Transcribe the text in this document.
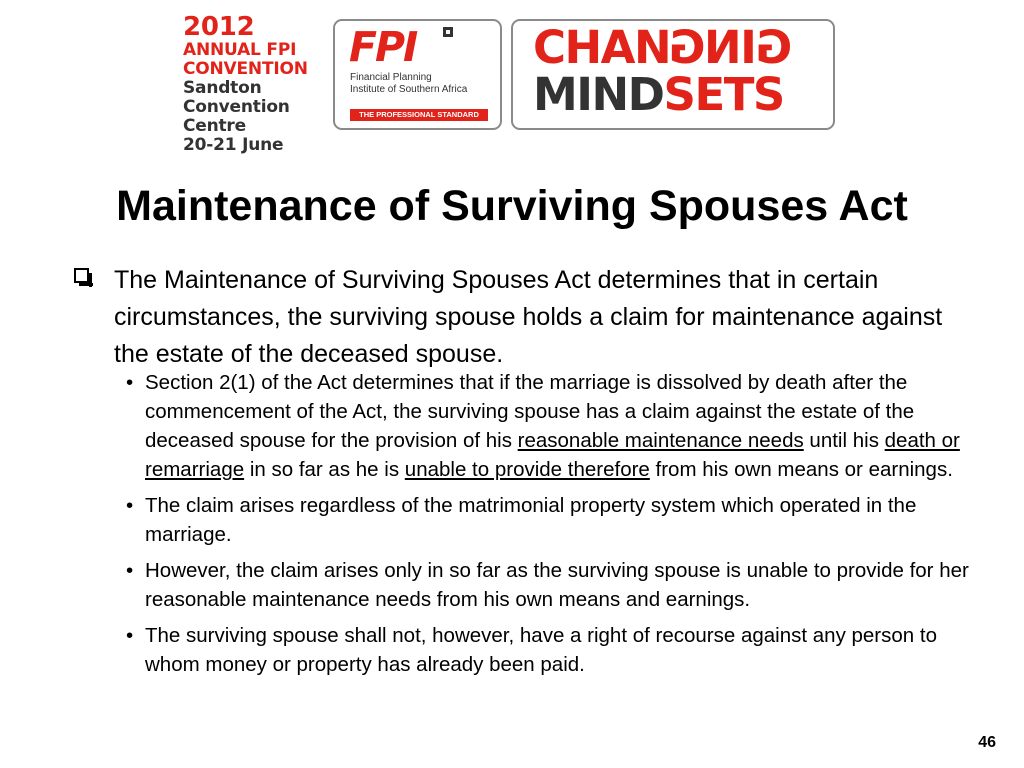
2012
ANNUAL FPI
CONVENTION
Sandton
Convention Centre
20-21 June
FPI
Financial Planning
Institute of Southern Africa
THE PROFESSIONAL STANDARD
CHANGING
MINDSETS
Maintenance of Surviving Spouses Act
The Maintenance of Surviving Spouses Act determines that in certain circumstances, the surviving spouse holds a claim for maintenance against the estate of the deceased spouse.
• Section 2(1) of the Act determines that if the marriage is dissolved by death after the commencement of the Act, the surviving spouse has a claim against the estate of the deceased spouse for the provision of his reasonable maintenance needs until his death or remarriage in so far as he is unable to provide therefore from his own means or earnings.
• The claim arises regardless of the matrimonial property system which operated in the marriage.
• However, the claim arises only in so far as the surviving spouse is unable to provide for her reasonable maintenance needs from his own means and earnings.
• The surviving spouse shall not, however, have a right of recourse against any person to whom money or property has already been paid.
46
